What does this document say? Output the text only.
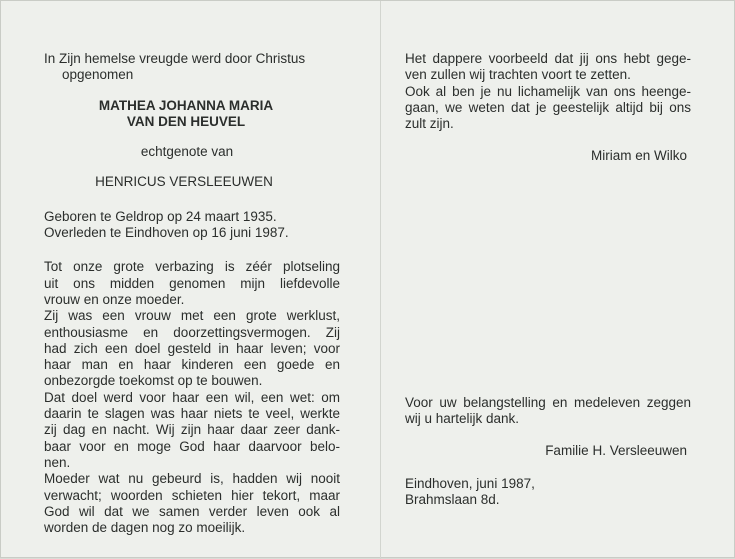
In Zijn hemelse vreugde werd door Christus
opgenomen
MATHEA JOHANNA MARIA
VAN DEN HEUVEL
echtgenote van
HENRICUS VERSLEEUWEN
Geboren te Geldrop op 24 maart 1935.
Overleden te Eindhoven op 16 juni 1987.
Tot onze grote verbazing is zéér plotseling
uit ons midden genomen mijn liefdevolle
vrouw en onze moeder.
Zij was een vrouw met een grote werklust,
enthousiasme en doorzettingsvermogen. Zij
had zich een doel gesteld in haar leven; voor
haar man en haar kinderen een goede en
onbezorgde toekomst op te bouwen.
Dat doel werd voor haar een wil, een wet: om
daarin te slagen was haar niets te veel, werkte
zij dag en nacht. Wij zijn haar daar zeer dank-
baar voor en moge God haar daarvoor belo-
nen.
Moeder wat nu gebeurd is, hadden wij nooit
verwacht; woorden schieten hier tekort, maar
God wil dat we samen verder leven ook al
worden de dagen nog zo moeilijk.
Het dappere voorbeeld dat jij ons hebt gege-
ven zullen wij trachten voort te zetten.
Ook al ben je nu lichamelijk van ons heenge-
gaan, we weten dat je geestelijk altijd bij ons
zult zijn.
Miriam en Wilko
Voor uw belangstelling en medeleven zeggen
wij u hartelijk dank.
Familie H. Versleeuwen
Eindhoven, juni 1987,
Brahmslaan 8d.
